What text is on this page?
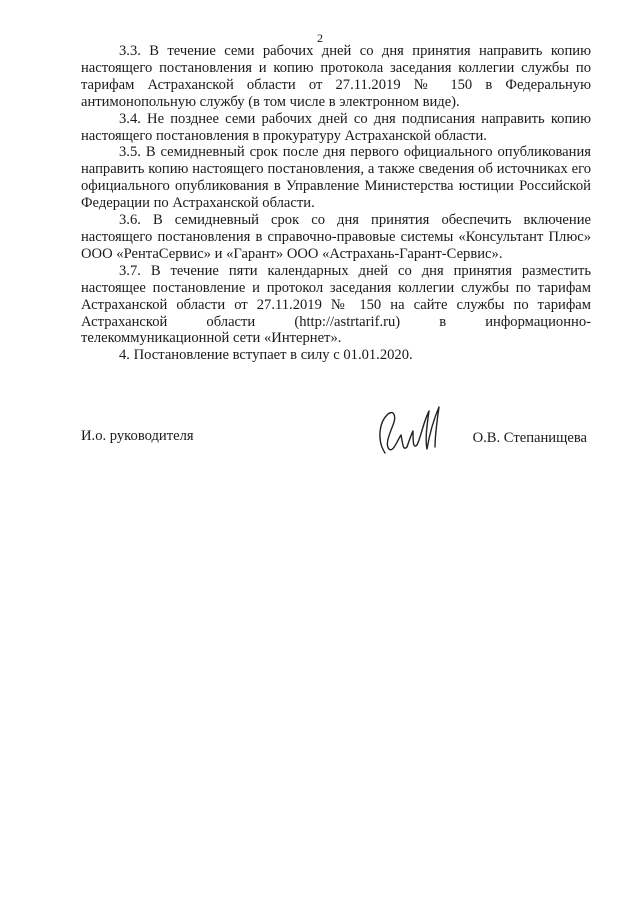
2

3.3. В течение семи рабочих дней со дня принятия направить копию настоящего постановления и копию протокола заседания коллегии службы по тарифам Астраханской области от 27.11.2019 № 150 в Федеральную антимонопольную службу (в том числе в электронном виде).

3.4. Не позднее семи рабочих дней со дня подписания направить копию настоящего постановления в прокуратуру Астраханской области.

3.5. В семидневный срок после дня первого официального опубликования направить копию настоящего постановления, а также сведения об источниках его официального опубликования в Управление Министерства юстиции Российской Федерации по Астраханской области.

3.6. В семидневный срок со дня принятия обеспечить включение настоящего постановления в справочно-правовые системы «Консультант Плюс» ООО «РентаСервис» и «Гарант» ООО «Астрахань-Гарант-Сервис».

3.7. В течение пяти календарных дней со дня принятия разместить настоящее постановление и протокол заседания коллегии службы по тарифам Астраханской области от 27.11.2019 № 150 на сайте службы по тарифам Астраханской области (http://astrtarif.ru) в информационно-телекоммуникационной сети «Интернет».

4. Постановление вступает в силу с 01.01.2020.

И.о. руководителя	О.В. Степанищева
